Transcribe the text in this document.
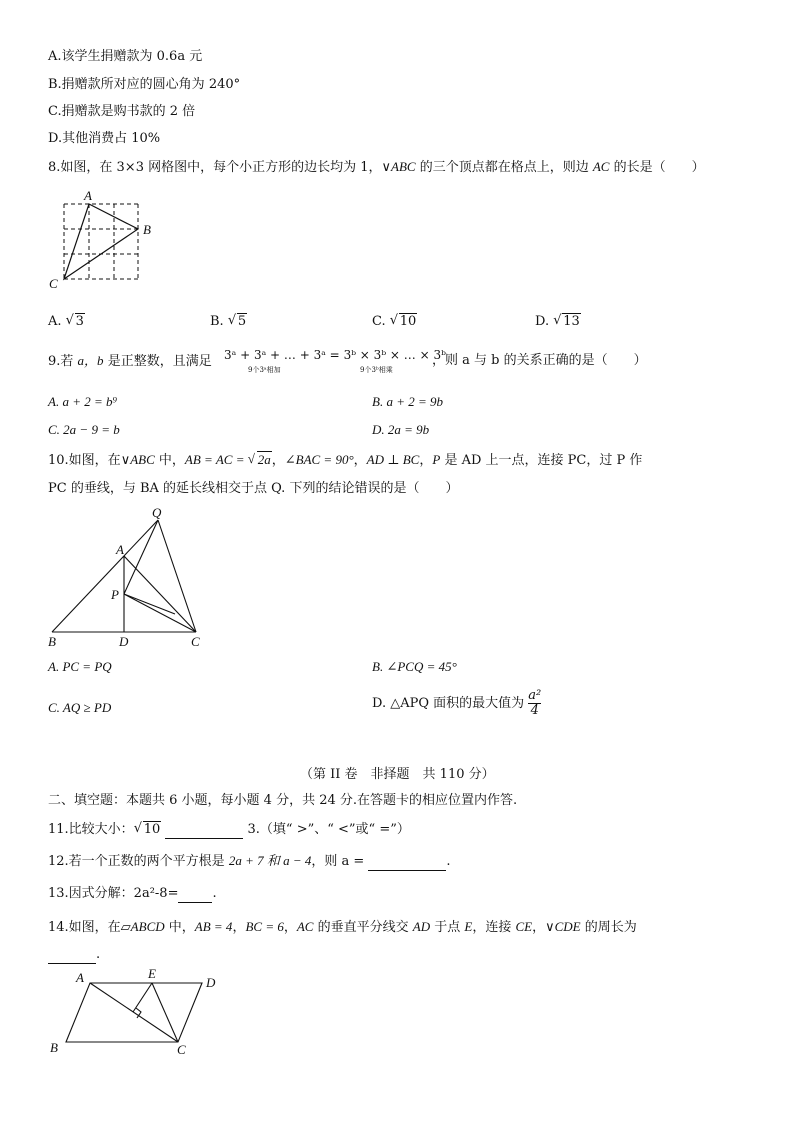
A.该学生捐赠款为 0.6a 元
B.捐赠款所对应的圆心角为 240°
C.捐赠款是购书款的 2 倍
D.其他消费占 10%
8.如图，在 3×3 网格图中，每个小正方形的边长均为 1，∨ABC 的三个顶点都在格点上，则边 AC 的长是（　　）
A
B
C
A. √ 3	B. √ 5	C. √ 10	D. √ 13
9.若 a，b 是正整数，且满足 3ᵃ + 3ᵃ + … + 3ᵃ = 3ᵇ × 3ᵇ × … × 3ᵇ
9个3ᵃ相加	9个3ᵇ相乘
，则 a 与 b 的关系正确的是（　　）
A. a + 2 = b⁹	B. a + 2 = 9b
C. 2a − 9 = b	D. 2a = 9b
10.如图，在∨ABC 中，AB = AC = √ 2a，∠BAC = 90°，AD ⊥ BC，P 是 AD 上一点，连接 PC，过 P 作
PC 的垂线，与 BA 的延长线相交于点 Q. 下列的结论错误的是（　　）
Q
A
P
B	D	C
A. PC = PQ	B. ∠PCQ = 45°
C. AQ ≥ PD	D. △APQ 面积的最大值为 $\frac{\text{a²}}{4}$
（第 II 卷　非择题　共 110 分）
二、填空题：本题共 6 小题，每小题 4 分，共 24 分.在答题卡的相应位置内作答.
11.比较大小： √ 10	3.（填“ >”、“ <”或“ =”）
12.若一个正数的两个平方根是 2a + 7 和 a − 4，则 a =	.
13.因式分解：2a²-8=	.
14.如图，在▱ABCD 中，AB = 4，BC = 6，AC 的垂直平分线交 AD 于点 E，连接 CE，∨CDE 的周长为
.
A	E
D
B	C
